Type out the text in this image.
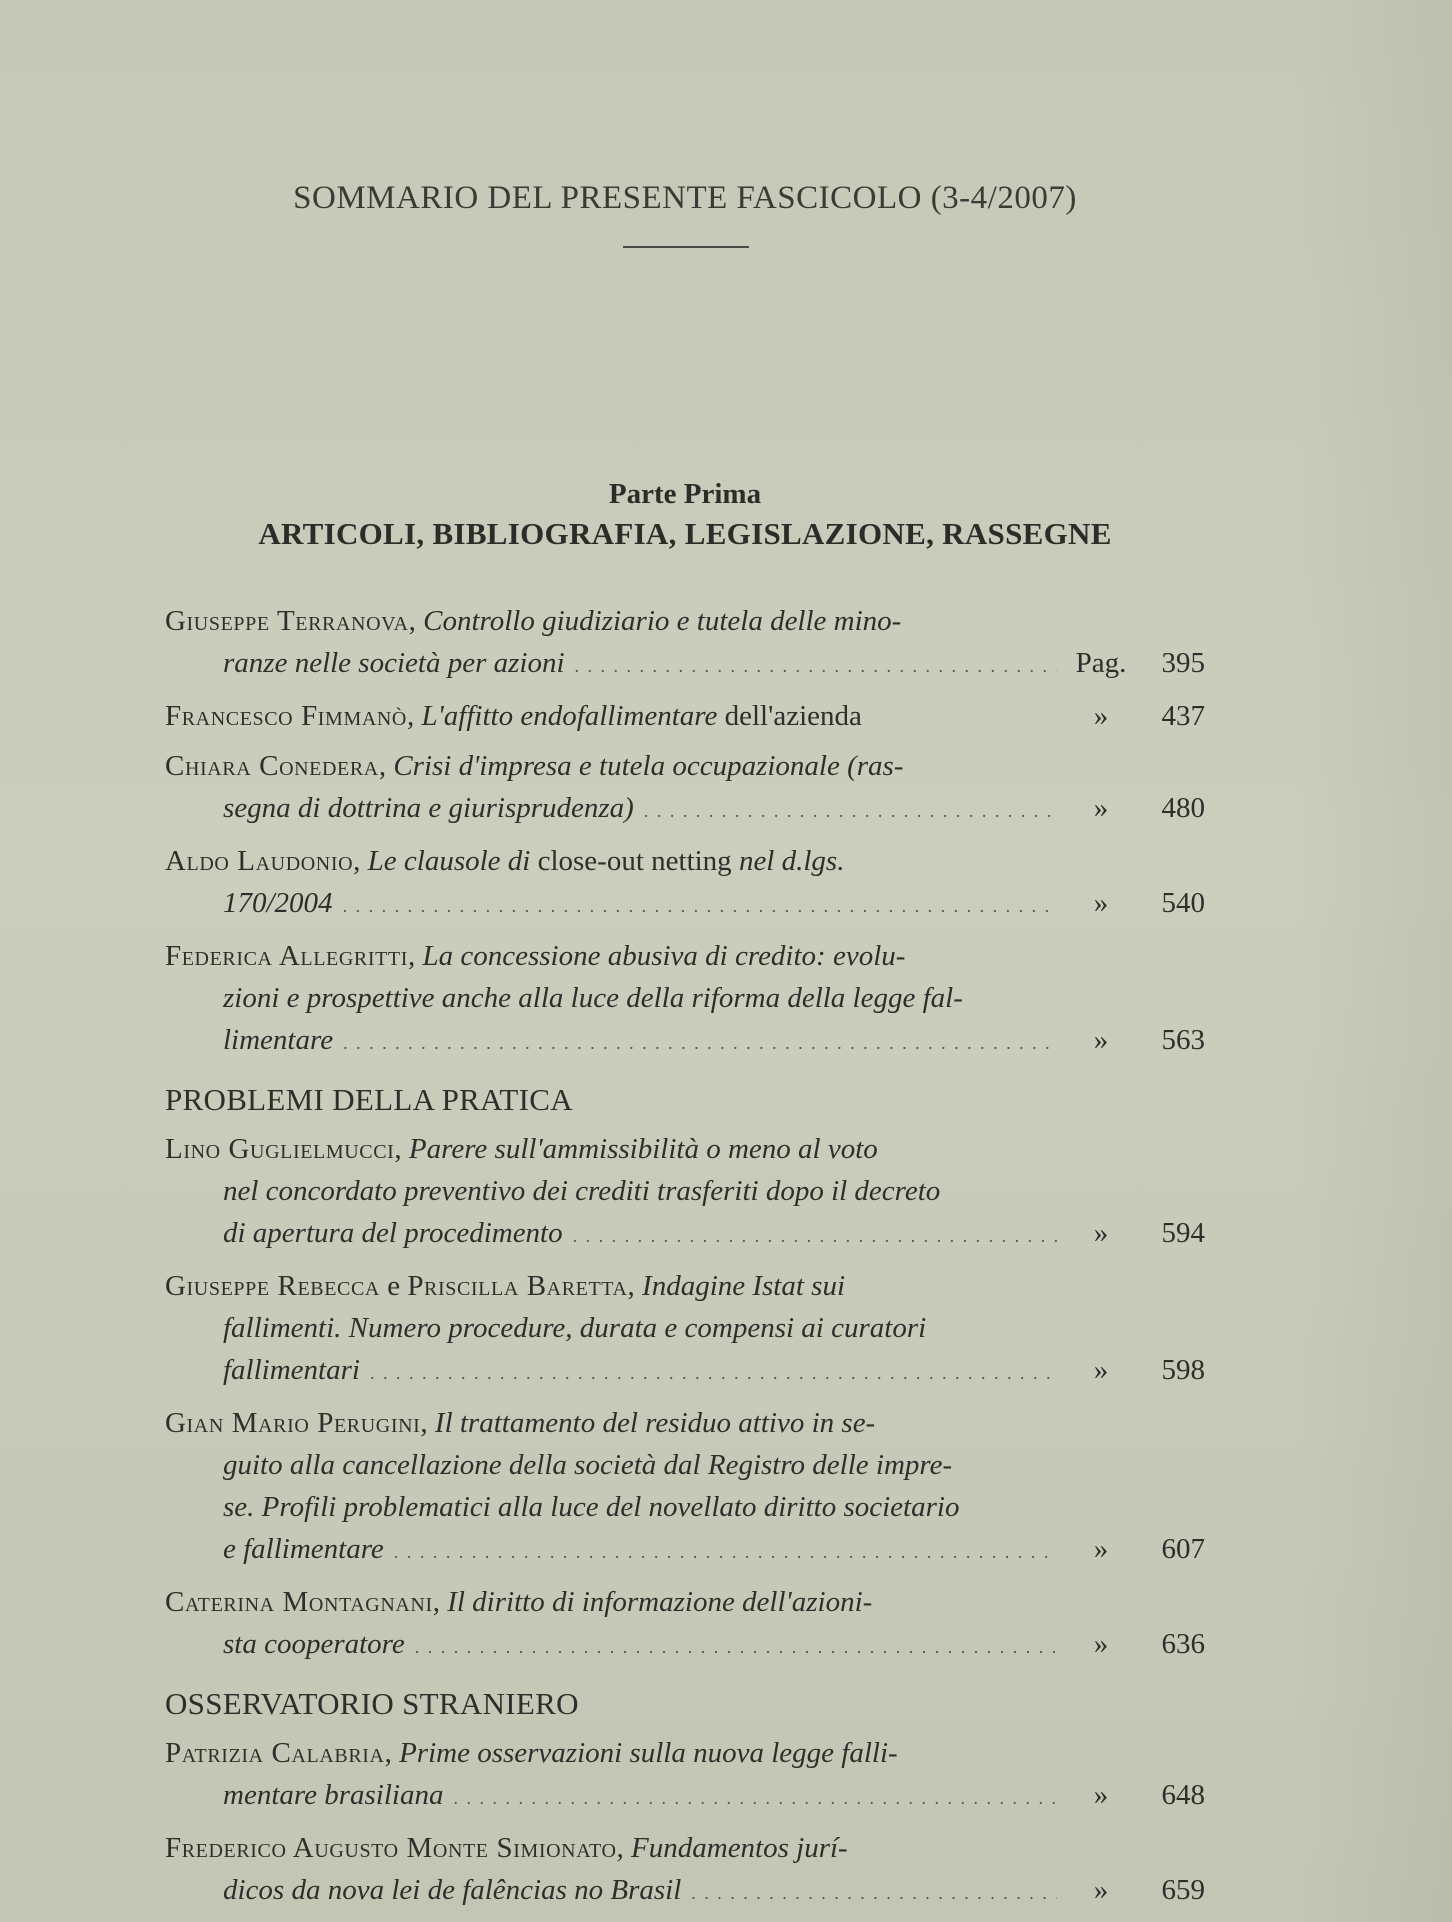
SOMMARIO DEL PRESENTE FASCICOLO (3-4/2007)
Parte Prima
ARTICOLI, BIBLIOGRAFIA, LEGISLAZIONE, RASSEGNE
Giuseppe Terranova, Controllo giudiziario e tutela delle mino-
ranze nelle società per azioni . . .	Pag.	395
Francesco Fimmanò, L'affitto endofallimentare dell'azienda	»	437
Chiara Conedera, Crisi d'impresa e tutela occupazionale (ras-
segna di dottrina e giurisprudenza) . . .	»	480
Aldo Laudonio, Le clausole di close-out netting nel d.lgs.
170/2004 . . .	»	540
Federica Allegritti, La concessione abusiva di credito: evolu-
zioni e prospettive anche alla luce della riforma della legge fal-
limentare . . .	»	563
PROBLEMI DELLA PRATICA
Lino Guglielmucci, Parere sull'ammissibilità o meno al voto
nel concordato preventivo dei crediti trasferiti dopo il decreto
di apertura del procedimento . . .	»	594
Giuseppe Rebecca e Priscilla Baretta, Indagine Istat sui
fallimenti. Numero procedure, durata e compensi ai curatori
fallimentari . . .	»	598
Gian Mario Perugini, Il trattamento del residuo attivo in se-
guito alla cancellazione della società dal Registro delle impre-
se. Profili problematici alla luce del novellato diritto societario
e fallimentare . . .	»	607
Caterina Montagnani, Il diritto di informazione dell'azioni-
sta cooperatore . . .	»	636
OSSERVATORIO STRANIERO
Patrizia Calabria, Prime osservazioni sulla nuova legge falli-
mentare brasiliana . . .	»	648
Frederico Augusto Monte Simionato, Fundamentos jurí-
dicos da nova lei de falências no Brasil . . .	»	659
